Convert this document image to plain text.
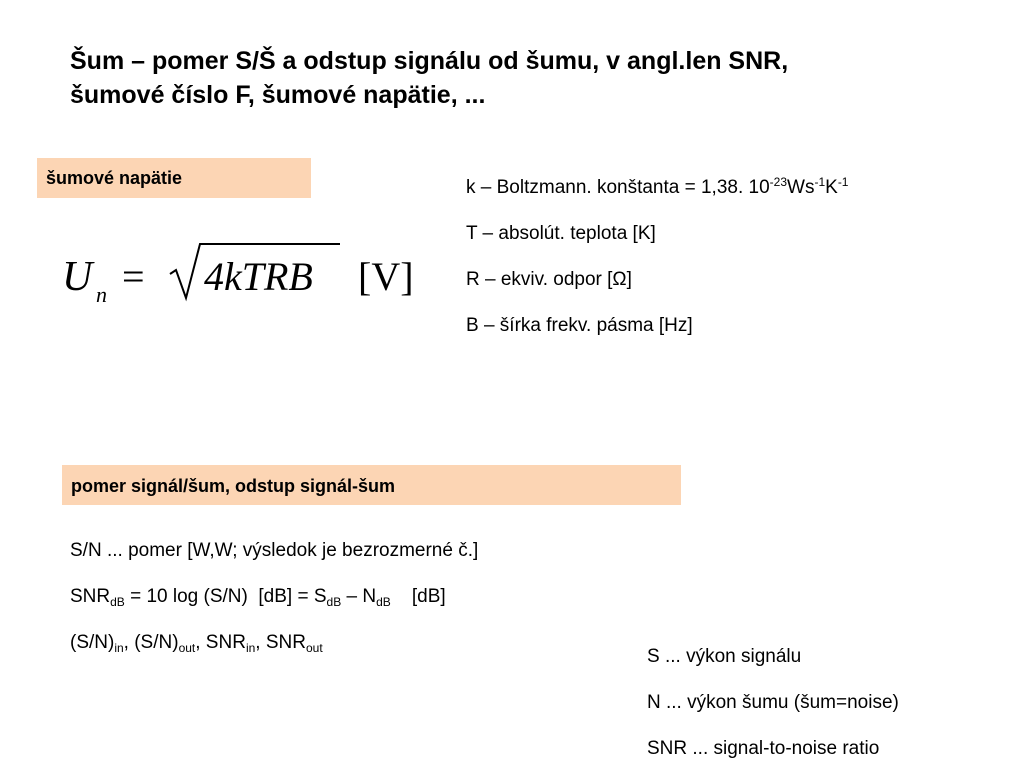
Šum – pomer S/Š a odstup signálu od šumu, v angl.len SNR,
šumové číslo F, šumové napätie, ...
šumové napätie
U n = 4kTRB [V]
k – Boltzmann. konštanta = 1,38. $10^{-23}Ws^{-1}K^{-1}$
T – absolút. teplota [K]
R – ekviv. odpor [Ω]
B – šírka frekv. pásma [Hz]
pomer signál/šum, odstup signál-šum
S/N ... pomer [W,W; výsledok je bezrozmerné č.]
$SNR_{dB} = 10$ log (S/N)  $[dB] = S_{dB} - N_{dB}$    [dB]
$(S/N)_{in}$, $(S/N)_{out}$, $SNR_{in}$, $SNR_{out}$	S ... výkon signálu
N ... výkon šumu (šum=noise)
SNR ... signal-to-noise ratio
